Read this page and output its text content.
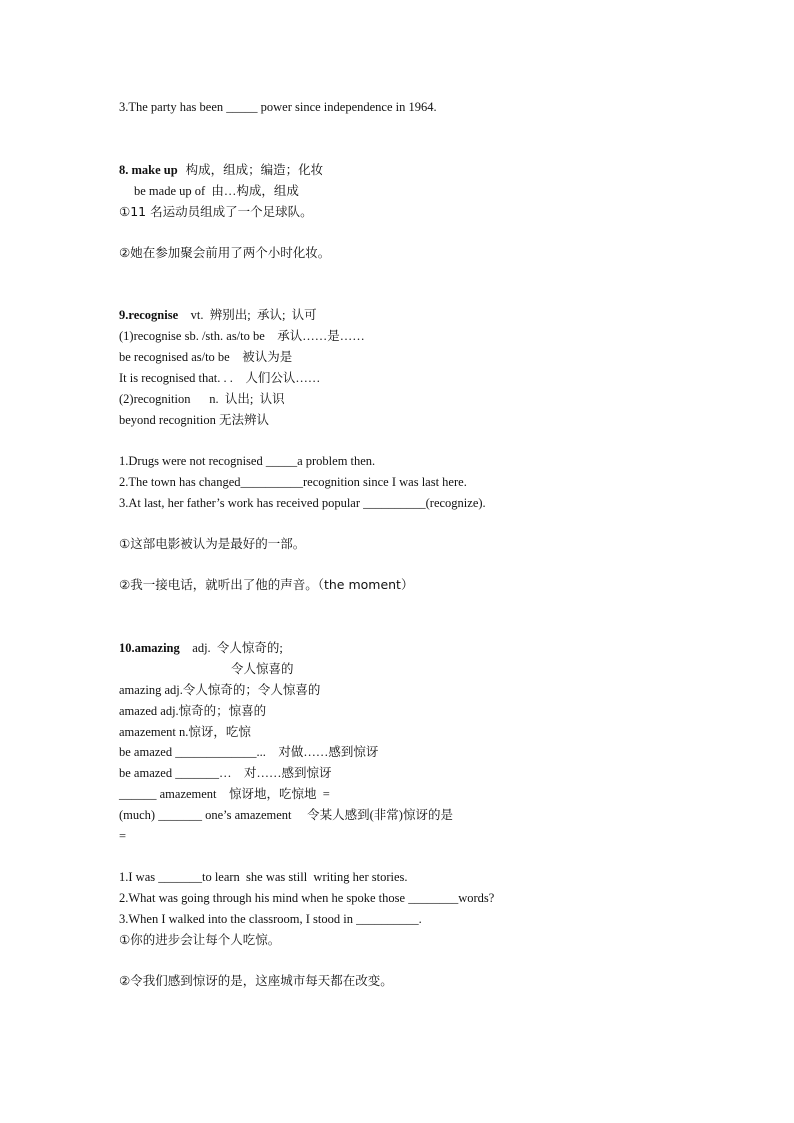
3.The party has been _____ power since independence in 1964.
8. make up  构成，组成；编造；化妆
be made up of  由…构成，组成
①11 名运动员组成了一个足球队。
②她在参加聚会前用了两个小时化妆。
9.recognise    vt.  辨别出;  承认;  认可
(1)recognise sb. /sth. as/to be    承认……是……
be recognised as/to be    被认为是
It is recognised that. . .    人们公认……
(2)recognition      n.  认出;  认识
beyond recognition 无法辨认
1.Drugs were not recognised _____a problem then.
2.The town has changed__________recognition since I was last here.
3.At last, her father’s work has received popular __________(recognize).
①这部电影被认为是最好的一部。
②我一接电话，就听出了他的声音。（the moment）
10.amazing    adj.  令人惊奇的;
令人惊喜的
amazing adj.令人惊奇的；令人惊喜的
amazed adj.惊奇的；惊喜的
amazement n.惊讶，吃惊
be amazed _____________...    对做……感到惊讶
be amazed _______…    对……感到惊讶
______ amazement    惊讶地，吃惊地  =
(much) _______ one’s amazement     令某人感到(非常)惊讶的是
=
1.I was _______to learn  she was still  writing her stories.
2.What was going through his mind when he spoke those ________words?
3.When I walked into the classroom, I stood in __________.
①你的进步会让每个人吃惊。
②令我们感到惊讶的是，这座城市每天都在改变。
